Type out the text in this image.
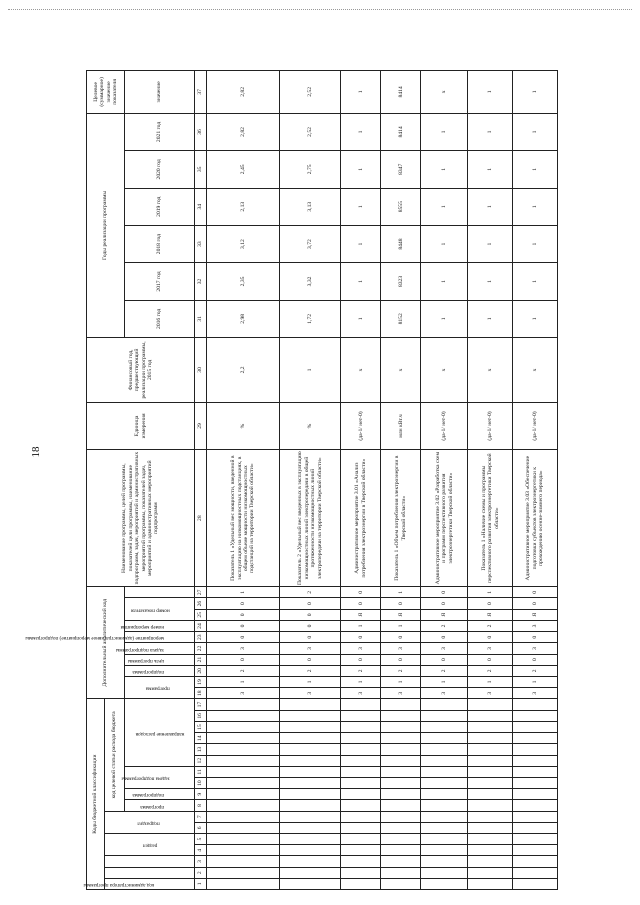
18
Коды бюджетной классификации																	Дополнительный аналитический код										Наименование программы, целей программы, показателей цели программы, наименование подпрограмм, задач, мероприятий и административных мероприятий программы, показателей задач, мероприятий и административных мероприятий подпрограмм	Единица измерения	Финансовый год, предшествующий реализации программы, 2015 год	Годы реализации программы						Целевое (суммарное) значение показателя

код администратора программы			раздел		подраздел		код целевой статьи расхода бюджета																													

							программа	подпрограмма	задача подпрограммы		направление расходов						программа		подпрограмма	цель программы	задача подпрограммы	мероприятие (административное мероприятие) подпрограммы	номер мероприятия	номер показателя						2016 год	2017 год	2018 год	2019 год	2020 год	2021 год	значение
1	2	3	4	5	6	7	8	9	10	11	12	13	14	15	16	17	18	19	20	21	22	23	24	25	26	27	28	29	30	31	32	33	34	35	36	37
																	3	1	2	0	3	0	0	0	0	1	Показатель 1 «Удельный вес мощности, введенной в эксплуатацию на низкомощностных подстанциях, в общем объеме мощности низкомощностных подстанций на территории Тверской области»	%	2,2	2,98	2,35	3,12	2,13	2,45	2,82	2,82
																	3	1	2	0	3	0	0	0	0	2	Показатель 2 «Удельный вес введенных в эксплуатацию низкомощностных линий электропередачи в общей протяженности низкомощностных линий электропередачи на территории Тверской области»	%	1	1,72	3,32	3,72	3,13	2,75	2,52	2,52
																	3	1	2	0	3	0	1	Я	0	0	Административное мероприятие 3.01 «Анализ потребления электроэнергии в Тверской области»	(да-1/ нет-0)	х	1	1	1	1	1	1	1
																	3	1	2	0	3	0	1	Я	0	1	Показатель 1 «Объем потребления электроэнергии в Тверской области»	млн кВт.ч	х	8152	8323	8448	8555	8347	8414	8414
																	3	1	2	0	3	0	2	Я	0	0	Административное мероприятие 3.02 «Разработка схем и программ перспективного развития электроэнергетики Тверской области»	(да-1/ нет-0)	х	1	1	1	1	1	1	х
																	3	1	2	0	3	0	2	Я	0	1	Показатель 1 «Наличие схемы и программы перспективного развития электроэнергетики Тверской области»	(да-1/ нет-0)	х	1	1	1	1	1	1	1
																	3	1	2	0	3	0	3	Я	0	0	Административное мероприятие 3.03 «Обеспечение подготовки субъектов электроэнергетики к прохождению осенне-зимнего периода»	(да-1/ нет-0)	х	1	1	1	1	1	1	1
